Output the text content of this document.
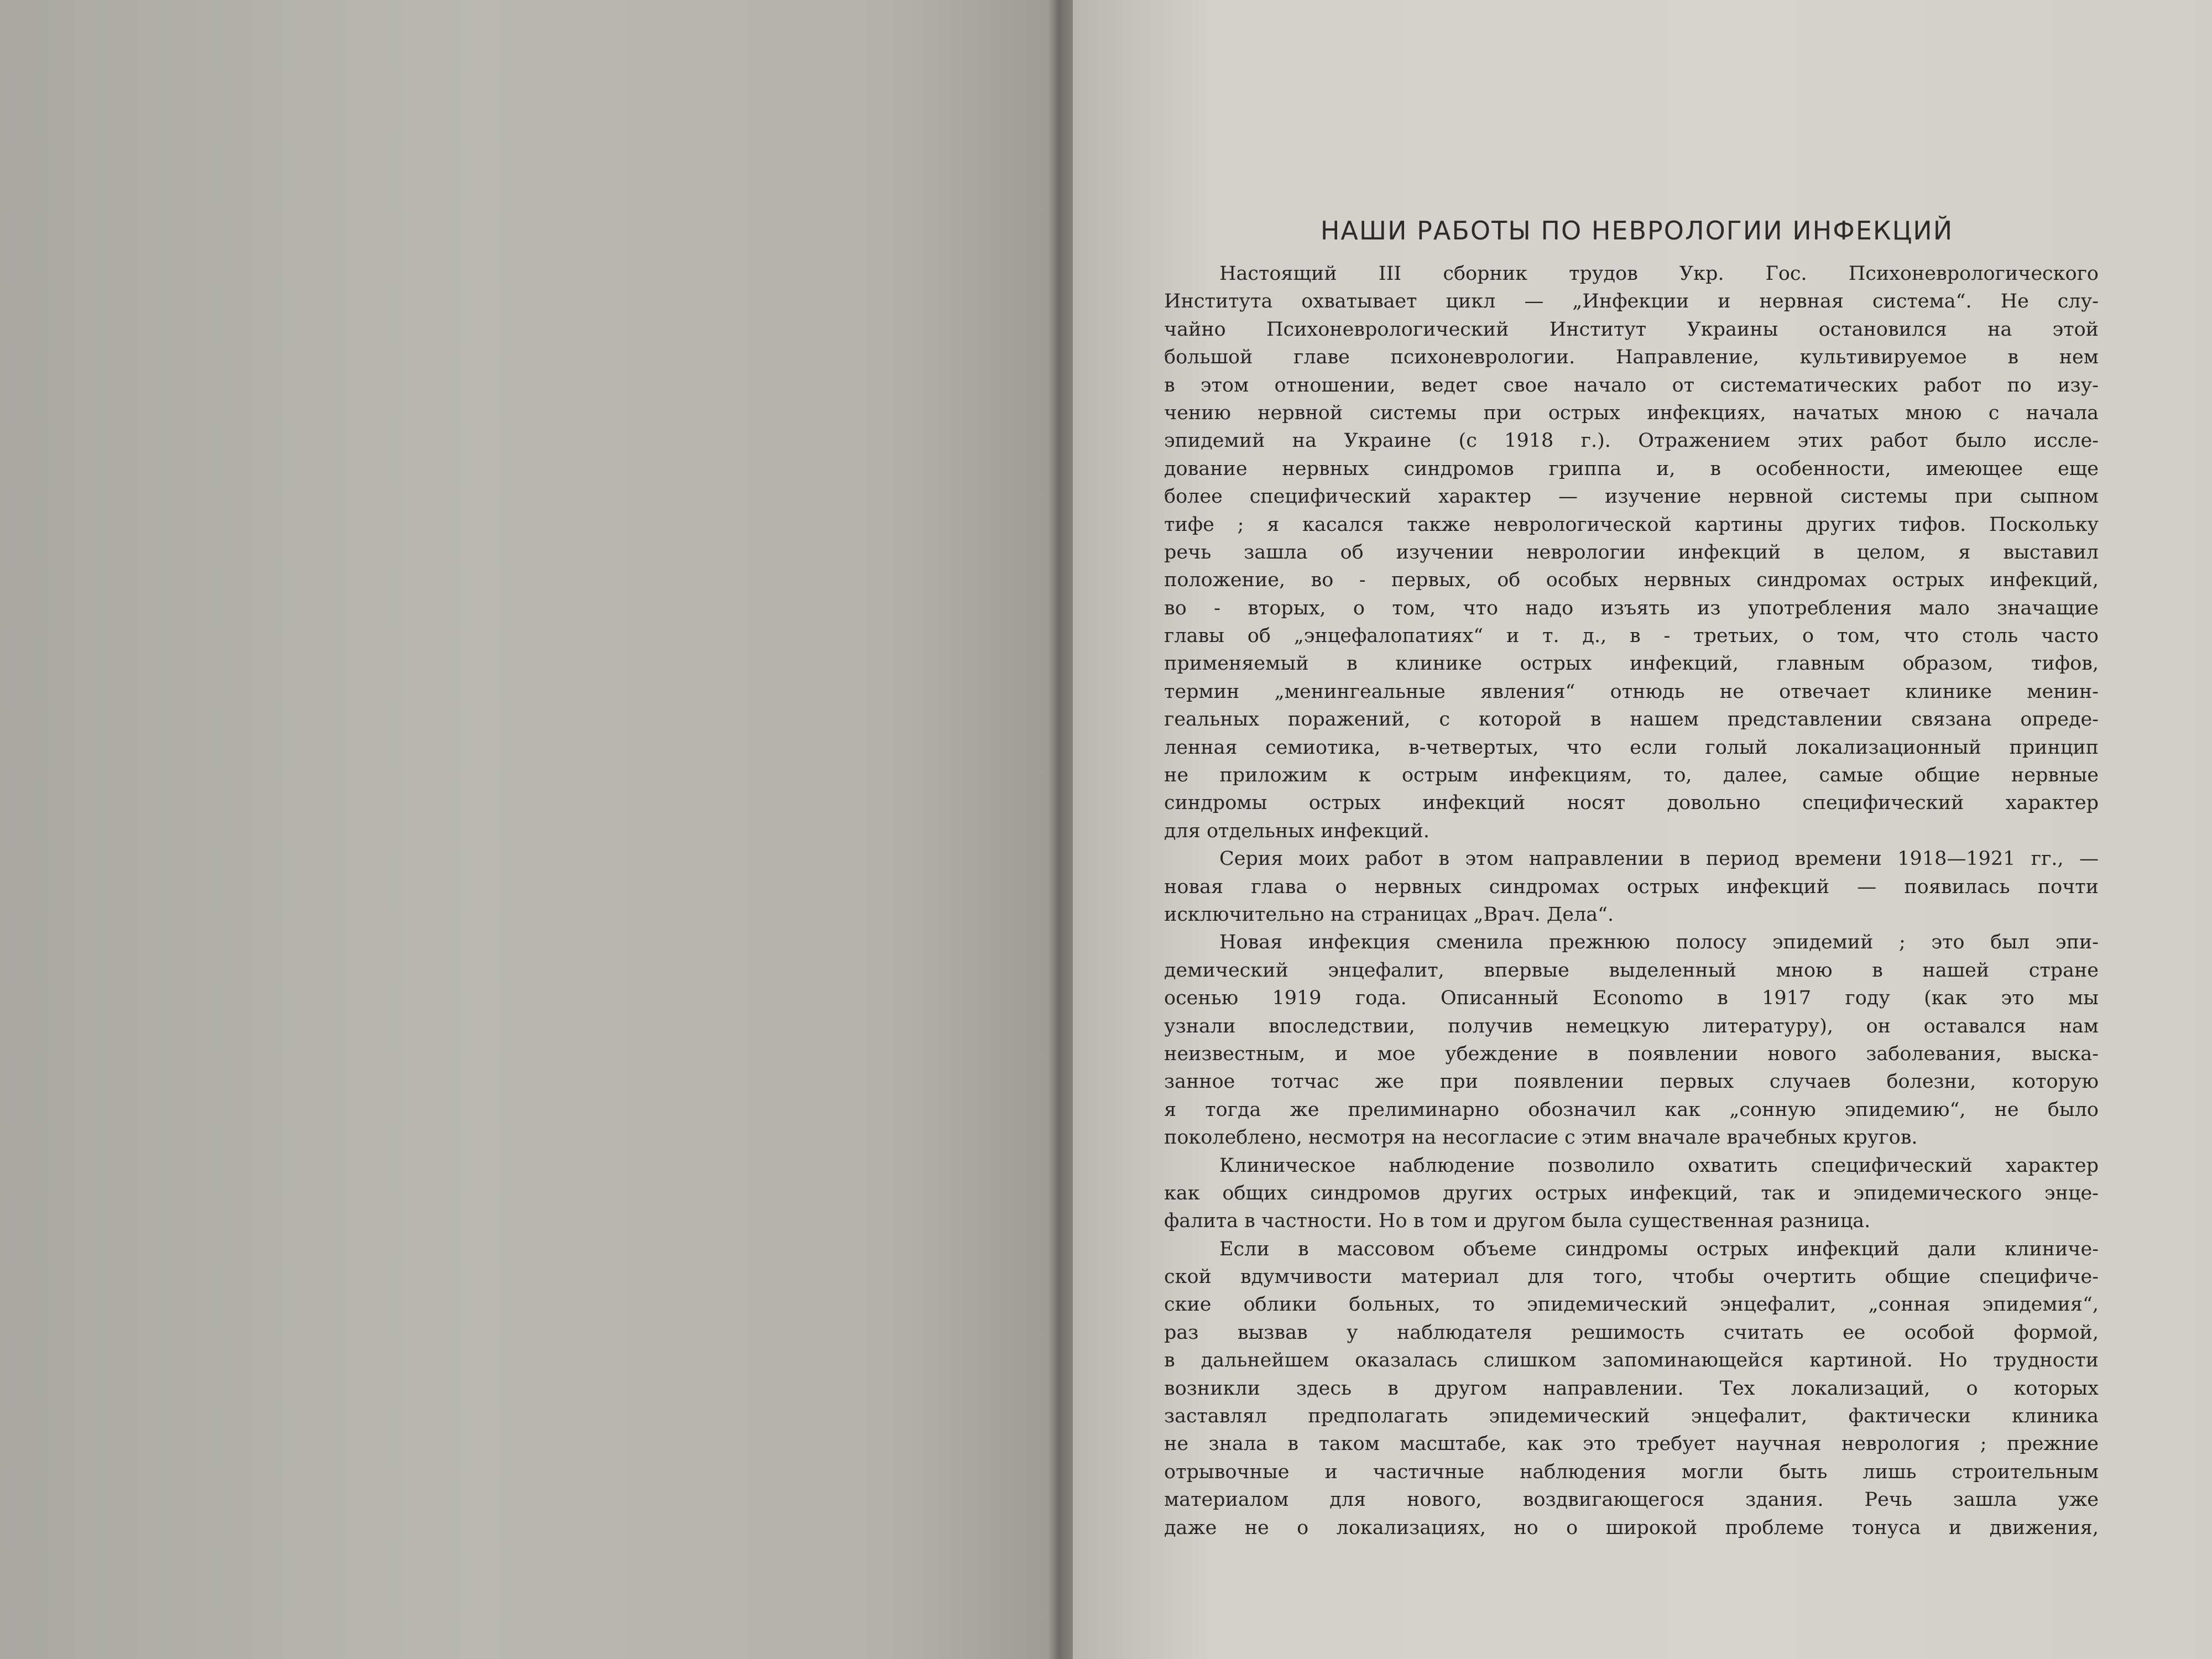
НАШИ РАБОТЫ ПО НЕВРОЛОГИИ ИНФЕКЦИЙ
Настоящий III сборник трудов Укр. Гос. Психоневрологического
Института охватывает цикл — „Инфекции и нервная система“. Не слу-
чайно Психоневрологический Институт Украины остановился на этой
большой главе психоневрологии. Направление, культивируемое в нем
в этом отношении, ведет свое начало от систематических работ по изу-
чению нервной системы при острых инфекциях, начатых мною с начала
эпидемий на Украине (с 1918 г.). Отражением этих работ было иссле-
дование нервных синдромов гриппа и, в особенности, имеющее еще
более специфический характер — изучение нервной системы при сыпном
тифе ; я касался также неврологической картины других тифов. Поскольку
речь зашла об изучении неврологии инфекций в целом, я выставил
положение, во - первых, об особых нервных синдромах острых инфекций,
во - вторых, о том, что надо изъять из употребления мало значащие
главы об „энцефалопатиях“ и т. д., в - третьих, о том, что столь часто
применяемый в клинике острых инфекций, главным образом, тифов,
термин „менингеальные явления“ отнюдь не отвечает клинике менин-
геальных поражений, с которой в нашем представлении связана опреде-
ленная семиотика, в-четвертых, что если голый локализационный принцип
не приложим к острым инфекциям, то, далее, самые общие нервные
синдромы острых инфекций носят довольно специфический характер
для отдельных инфекций.
Серия моих работ в этом направлении в период времени 1918—1921 гг., —
новая глава о нервных синдромах острых инфекций — появилась почти
исключительно на страницах „Врач. Дела“.
Новая инфекция сменила прежнюю полосу эпидемий ; это был эпи-
демический энцефалит, впервые выделенный мною в нашей стране
осенью 1919 года. Описанный Economo в 1917 году (как это мы
узнали впоследствии, получив немецкую литературу), он оставался нам
неизвестным, и мое убеждение в появлении нового заболевания, выска-
занное тотчас же при появлении первых случаев болезни, которую
я тогда же прелиминарно обозначил как „сонную эпидемию“, не было
поколеблено, несмотря на несогласие с этим вначале врачебных кругов.
Клиническое наблюдение позволило охватить специфический характер
как общих синдромов других острых инфекций, так и эпидемического энце-
фалита в частности. Но в том и другом была существенная разница.
Если в массовом объеме синдромы острых инфекций дали клиниче-
ской вдумчивости материал для того, чтобы очертить общие специфиче-
ские облики больных, то эпидемический энцефалит, „сонная эпидемия“,
раз вызвав у наблюдателя решимость считать ее особой формой,
в дальнейшем оказалась слишком запоминающейся картиной. Но трудности
возникли здесь в другом направлении. Тех локализаций, о которых
заставлял предполагать эпидемический энцефалит, фактически клиника
не знала в таком масштабе, как это требует научная неврология ; прежние
отрывочные и частичные наблюдения могли быть лишь строительным
материалом для нового, воздвигающегося здания. Речь зашла уже
даже не о локализациях, но о широкой проблеме тонуса и движения,
